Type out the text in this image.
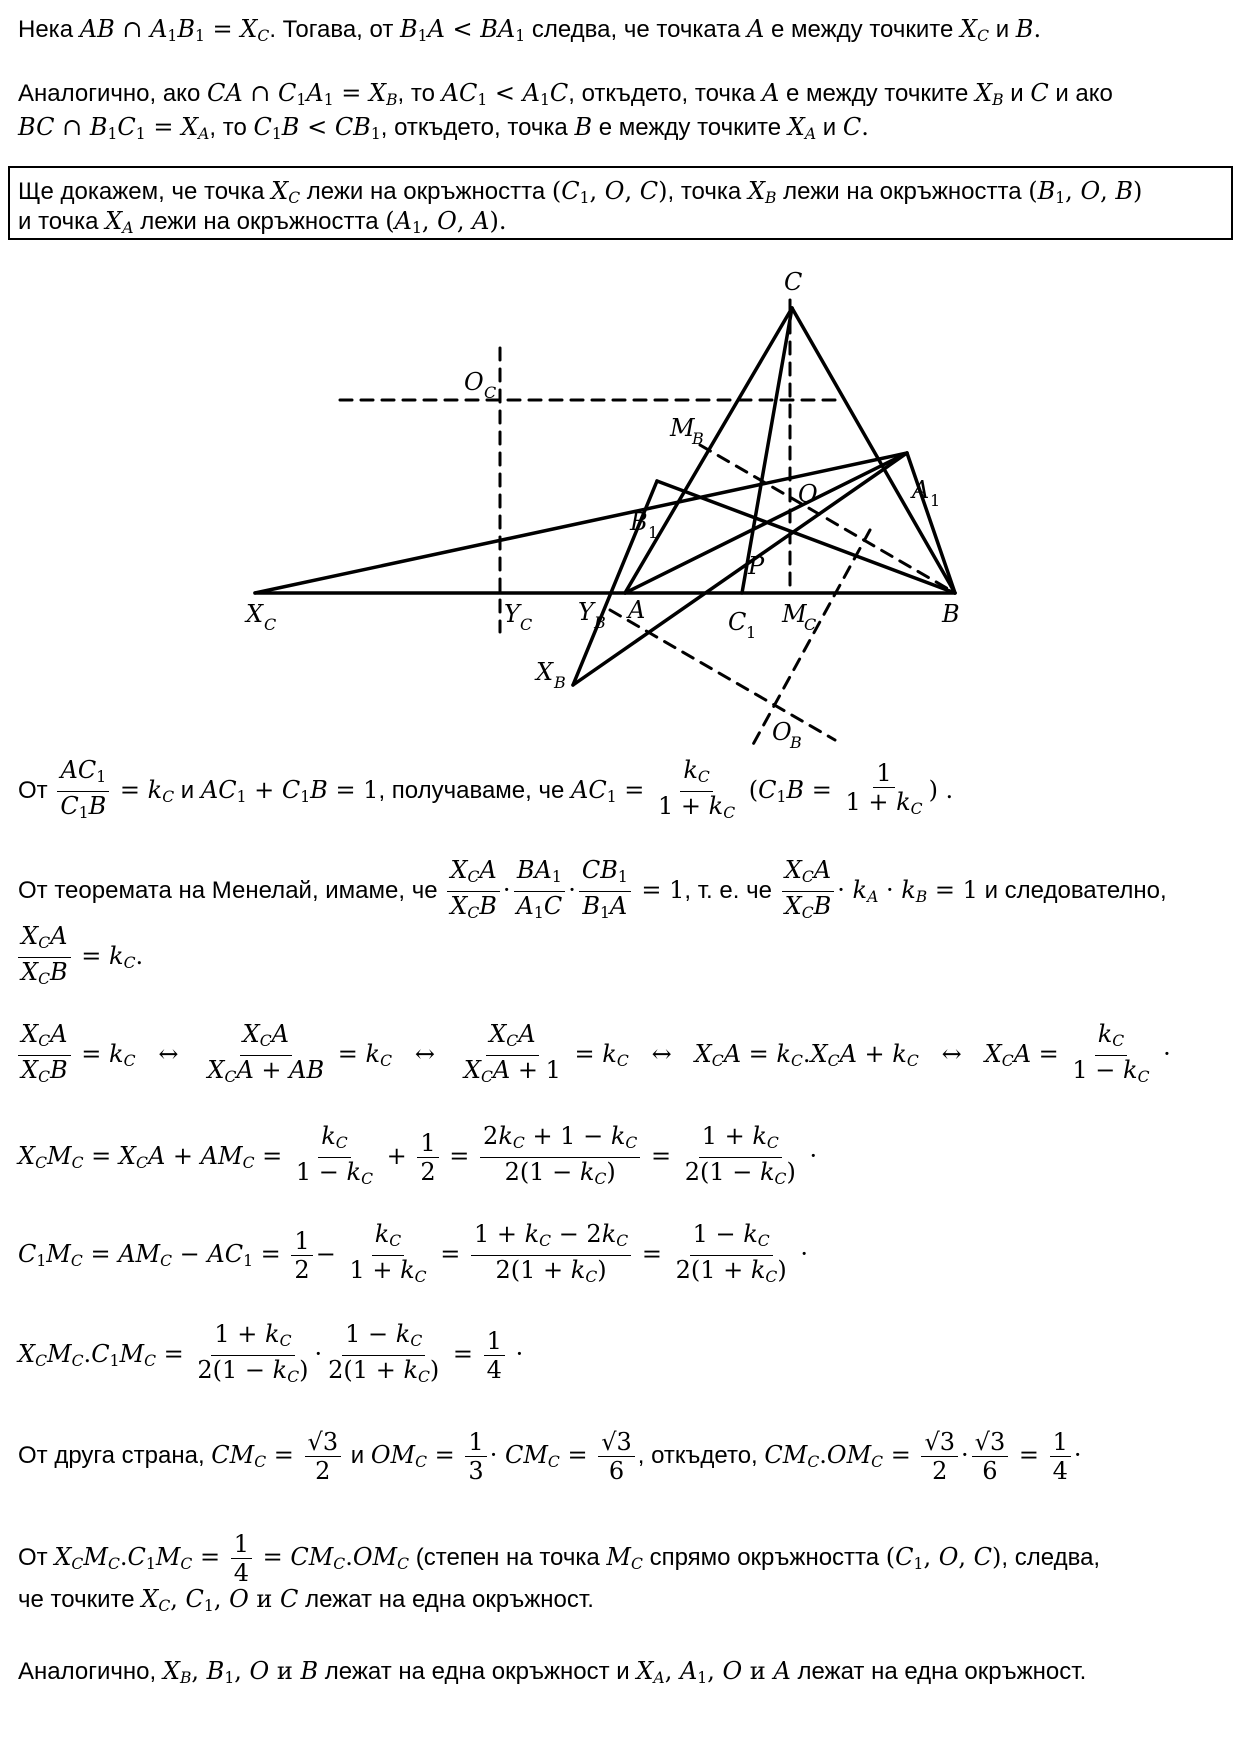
Нека AB ∩ $A_1B_1 = X_C$. Тогава, от $B_1A < BA_1$ следва, че точката A е между точките $X_C$ и B.
Аналогично, ако CA ∩ $C_1A_1 = X_B$, то $AC_1 < A_1C$, откъдето, точка A е между точките $X_B$ и C и ако
BC ∩ $B_1C_1 = X_A$, то $C_1B < CB_1$, откъдето, точка B е между точките $X_A$ и C.
Ще докажем, че точка $X_C$ лежи на окръжността ($C_1$, O, C), точка $X_B$ лежи на окръжността ($B_1$, O, B)
и точка $X_A$ лежи на окръжността ($A_1$, O, A).
C
O C
M
B
O	A 1
B 1
P
X C	Y C Y B A	C 1
M
C	B
X B
O
B
От $\frac{AC_1}{C_1B} = k_C$ и $AC_1 + C_1B = 1$, получаваме, че $AC_1 = \frac{k_C}{1 + k_C} (C_1B = \frac{1}{1 + k_C}$ ) .
От теоремата на Менелай, имаме, че $\frac{X_CA}{X_CB} \cdot \frac{BA_1}{A_1C} \cdot \frac{CB_1}{B_1A} = 1$, т. е. че $\frac{X_CA}{X_CB} \cdot k_A \cdot k_B = 1$ и следователно,
$\frac{X_CA}{X_CB} = k_C$.
$\frac{X_CA}{X_CB} = k_C$   ↔ $\frac{X_CA}{X_CA + AB} = k_C$   ↔ $\frac{X_CA}{X_CA + 1} = k_C$   ↔   $X_CA = k_C.X_CA + k_C$   ↔   $X_CA = \frac{k_C}{1 - k_C}$ ·
$X_CM_C = X_CA + AM_C = \frac{k_C}{1 - k_C} + \frac{1}{2} = \frac{2k_C + 1 - k_C}{2(1 - k_C)} = \frac{1 + k_C}{2(1 - k_C)}$ ·
$C_1M_C = AM_C - AC_1 = \frac{1}{2} - \frac{k_C}{1 + k_C} = \frac{1 + k_C - 2k_C}{2(1 + k_C)} = \frac{1 - k_C}{2(1 + k_C)}$ ·
$X_CM_C.C_1M_C = \frac{1 + k_C}{2(1 - k_C)} \cdot \frac{1 - k_C}{2(1 + k_C)} = \frac{1}{4}$ ·
От друга страна, $CM_C = \frac{√3}{2}$ и $OM_C = \frac{1}{3} \cdot CM_C = \frac{√3}{6}$ , откъдето, $CM_C.OM_C = \frac{√3}{2} \cdot \frac{√3}{6} = \frac{1}{4}$ ·
От $X_CM_C.C_1M_C = \frac{1}{4} = CM_C.OM_C$ (степен на точка $M_C$ спрямо окръжността ($C_1$, O, C), следва,
че точките $X_C$, $C_1$, O и C лежат на една окръжност.
Аналогично, $X_B$, $B_1$, O и B лежат на една окръжност и $X_A$, $A_1$, O и A лежат на една окръжност.
